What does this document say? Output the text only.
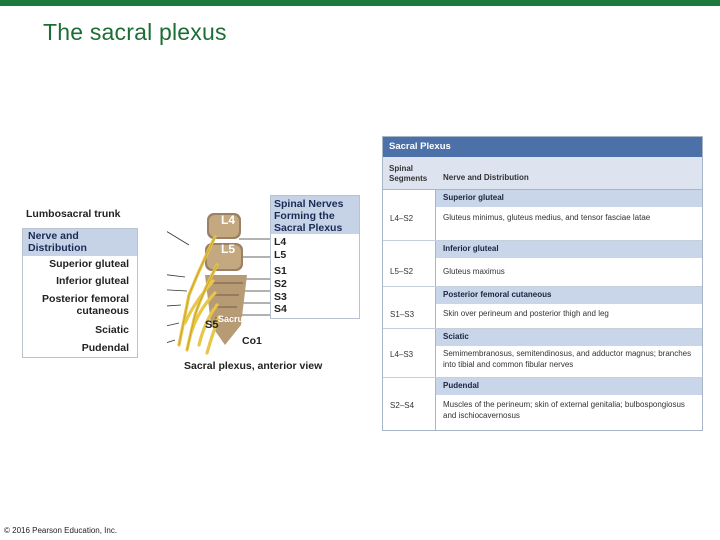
The sacral plexus
Lumbosacral trunk
Nerve and Distribution
Superior gluteal
Inferior gluteal
Posterior femoral
cutaneous
Sciatic
Pudendal
L4
L5
Sacrum
S5
Co1
Spinal Nerves Forming the Sacral Plexus
L4
L5
S1
S2
S3
S4
Sacral plexus, anterior view
Sacral Plexus
Spinal Segments	Nerve and Distribution
Superior gluteal
L4–S2	Gluteus minimus, gluteus medius, and tensor fasciae latae
Inferior gluteal
L5–S2	Gluteus maximus
Posterior femoral cutaneous
S1–S3	Skin over perineum and posterior thigh and leg
Sciatic
L4–S3	Semimembranosus, semitendinosus, and adductor magnus; branches into tibial and common fibular nerves
Pudendal
S2–S4	Muscles of the perineum; skin of external genitalia; bulbospongiosus and ischiocavernosus
© 2016 Pearson Education, Inc.
